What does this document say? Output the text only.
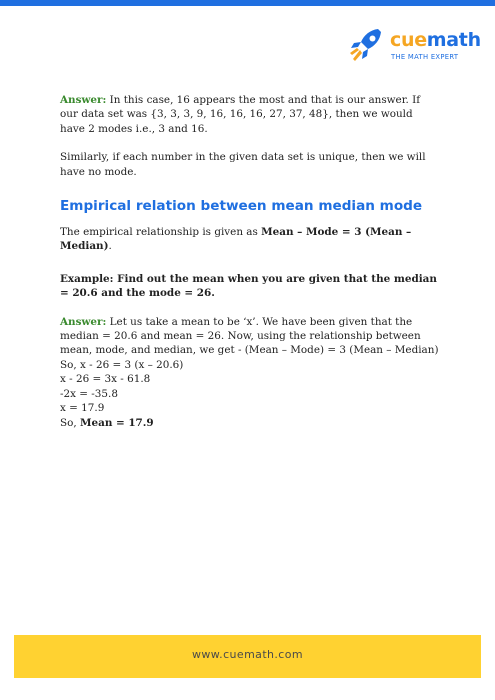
cuemath
THE MATH EXPERT

Answer: In this case, 16 appears the most and that is our answer. If our data set was {3, 3, 3, 9, 16, 16, 16, 27, 37, 48}, then we would have 2 modes i.e., 3 and 16.

Similarly, if each number in the given data set is unique, then we will have no mode.

Empirical relation between mean median mode

The empirical relationship is given as Mean – Mode = 3 (Mean – Median).

Example: Find out the mean when you are given that the median = 20.6 and the mode = 26.

Answer: Let us take a mean to be ‘x’. We have been given that the median = 20.6 and mean = 26. Now, using the relationship between mean, mode, and median, we get - (Mean – Mode) = 3 (Mean – Median)

So, x - 26 = 3 (x – 20.6)

x - 26 = 3x - 61.8

-2x = -35.8

x = 17.9

So, Mean = 17.9

www.cuemath.com
